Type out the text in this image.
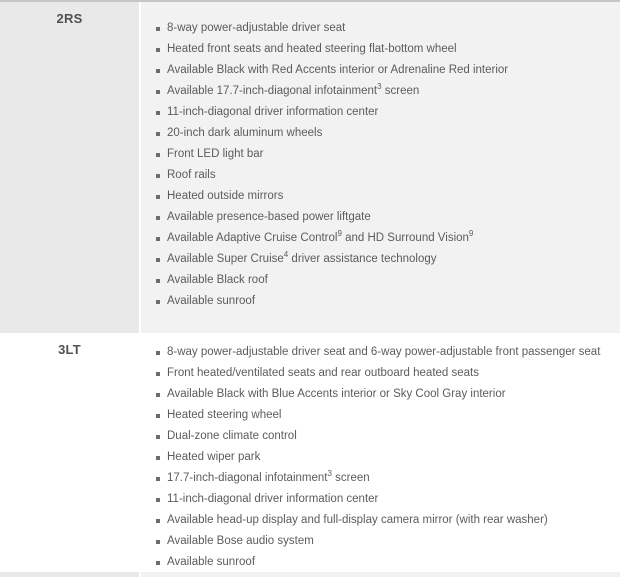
2RS
8-way power-adjustable driver seat
Heated front seats and heated steering flat-bottom wheel
Available Black with Red Accents interior or Adrenaline Red interior
Available 17.7-inch-diagonal infotainment$^3$ screen
11-inch-diagonal driver information center
20-inch dark aluminum wheels
Front LED light bar
Roof rails
Heated outside mirrors
Available presence-based power liftgate
Available Adaptive Cruise Control$^9$ and HD Surround Vision$^9$
Available Super Cruise$^4$ driver assistance technology
Available Black roof
Available sunroof
3LT	8-way power-adjustable driver seat and 6-way power-adjustable front passenger seat
Front heated/ventilated seats and rear outboard heated seats
Available Black with Blue Accents interior or Sky Cool Gray interior
Heated steering wheel
Dual-zone climate control
Heated wiper park
17.7-inch-diagonal infotainment$^3$ screen
11-inch-diagonal driver information center
Available head-up display and full-display camera mirror (with rear washer)
Available Bose audio system
Available sunroof
